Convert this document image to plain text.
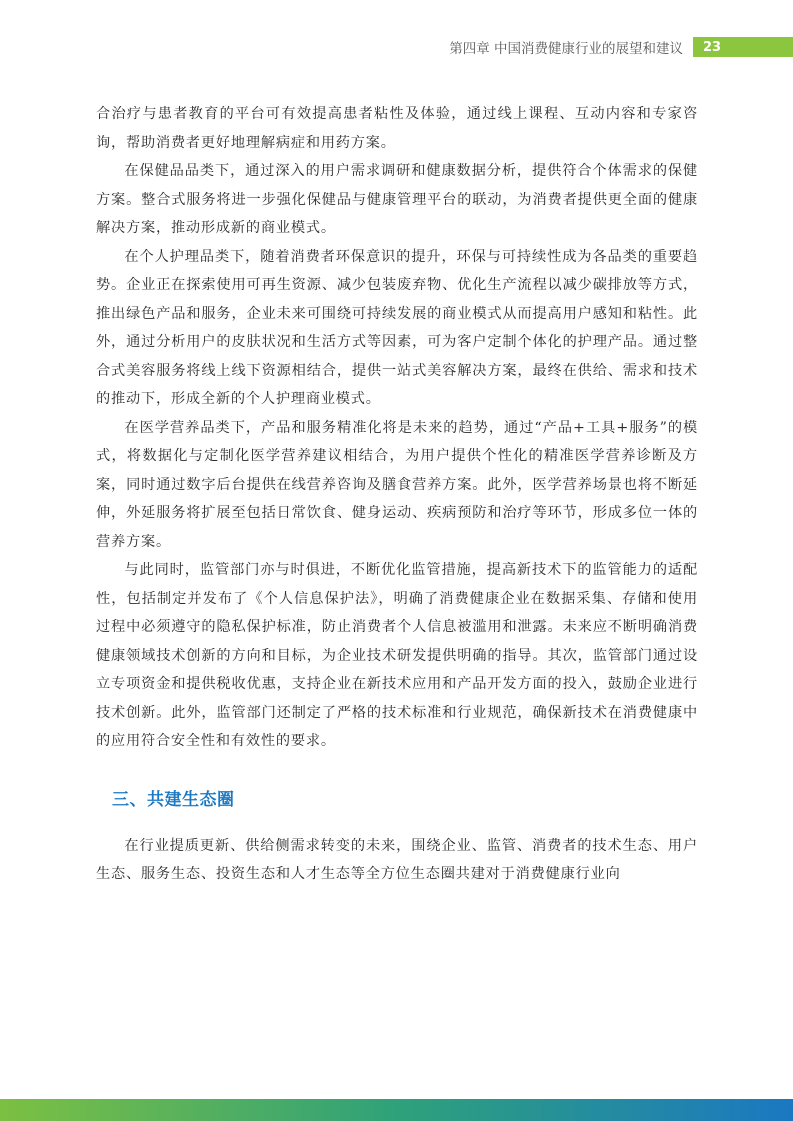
第四章 中国消费健康行业的展望和建议 23

合治疗与患者教育的平台可有效提高患者粘性及体验，通过线上课程、互动内容和专家咨询，帮助消费者更好地理解病症和用药方案。

在保健品品类下，通过深入的用户需求调研和健康数据分析，提供符合个体需求的保健方案。整合式服务将进一步强化保健品与健康管理平台的联动，为消费者提供更全面的健康解决方案，推动形成新的商业模式。

在个人护理品类下，随着消费者环保意识的提升，环保与可持续性成为各品类的重要趋势。企业正在探索使用可再生资源、减少包装废弃物、优化生产流程以减少碳排放等方式，推出绿色产品和服务，企业未来可围绕可持续发展的商业模式从而提高用户感知和粘性。此外，通过分析用户的皮肤状况和生活方式等因素，可为客户定制个体化的护理产品。通过整合式美容服务将线上线下资源相结合，提供一站式美容解决方案，最终在供给、需求和技术的推动下，形成全新的个人护理商业模式。

在医学营养品类下，产品和服务精准化将是未来的趋势，通过“产品+工具+服务”的模式，将数据化与定制化医学营养建议相结合，为用户提供个性化的精准医学营养诊断及方案，同时通过数字后台提供在线营养咨询及膳食营养方案。此外，医学营养场景也将不断延伸，外延服务将扩展至包括日常饮食、健身运动、疾病预防和治疗等环节，形成多位一体的营养方案。

与此同时，监管部门亦与时俱进，不断优化监管措施，提高新技术下的监管能力的适配性，包括制定并发布了《个人信息保护法》，明确了消费健康企业在数据采集、存储和使用过程中必须遵守的隐私保护标准，防止消费者个人信息被滥用和泄露。未来应不断明确消费健康领域技术创新的方向和目标，为企业技术研发提供明确的指导。其次，监管部门通过设立专项资金和提供税收优惠，支持企业在新技术应用和产品开发方面的投入，鼓励企业进行技术创新。此外，监管部门还制定了严格的技术标准和行业规范，确保新技术在消费健康中的应用符合安全性和有效性的要求。

三、共建生态圈

在行业提质更新、供给侧需求转变的未来，围绕企业、监管、消费者的技术生态、用户生态、服务生态、投资生态和人才生态等全方位生态圈共建对于消费健康行业向
